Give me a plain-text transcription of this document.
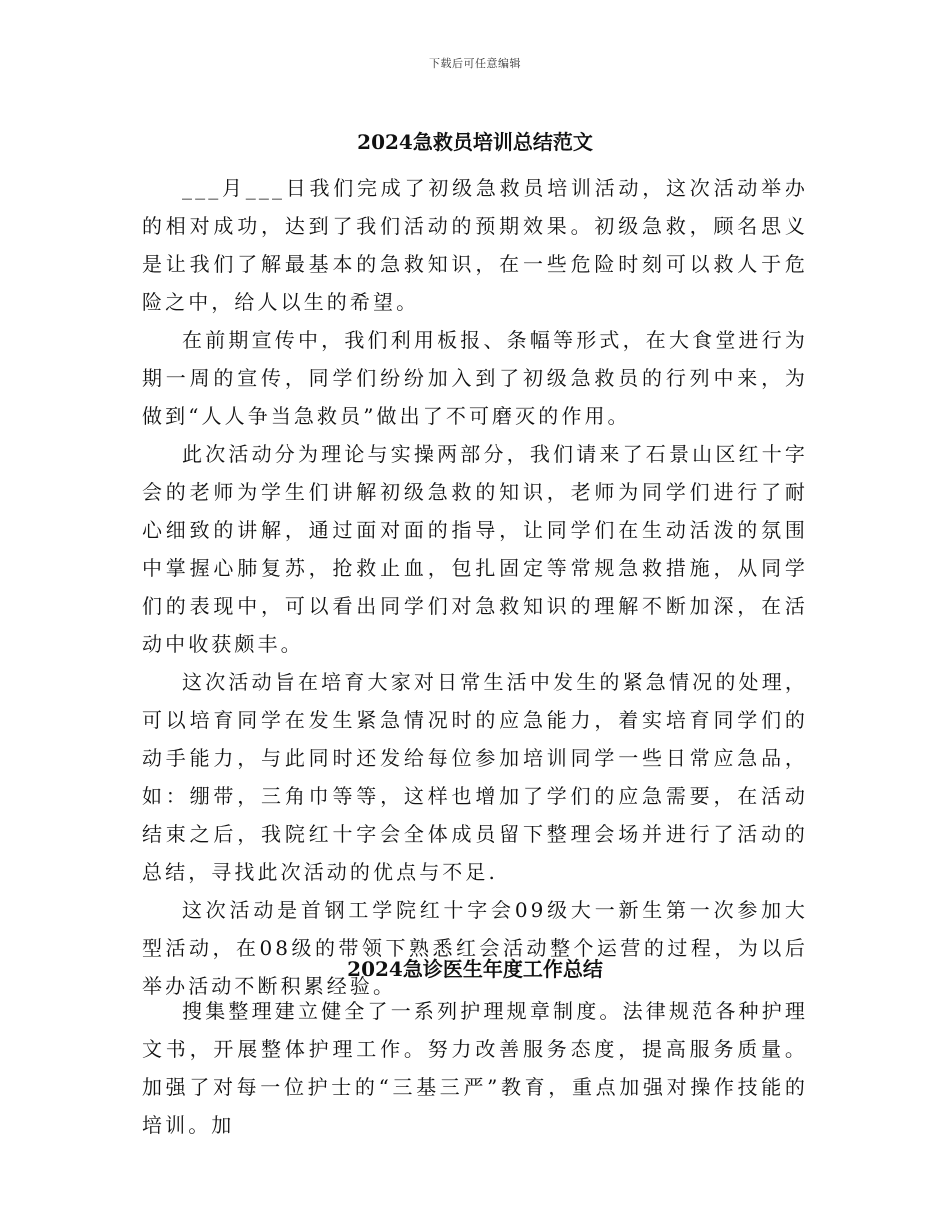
下载后可任意编辑
2024急救员培训总结范文

___月___日我们完成了初级急救员培训活动，这次活动举办的相对成功，达到了我们活动的预期效果。初级急救，顾名思义是让我们了解最基本的急救知识，在一些危险时刻可以救人于危险之中，给人以生的希望。

在前期宣传中，我们利用板报、条幅等形式，在大食堂进行为期一周的宣传，同学们纷纷加入到了初级急救员的行列中来，为做到“人人争当急救员”做出了不可磨灭的作用。

此次活动分为理论与实操两部分，我们请来了石景山区红十字会的老师为学生们讲解初级急救的知识，老师为同学们进行了耐心细致的讲解，通过面对面的指导，让同学们在生动活泼的氛围中掌握心肺复苏，抢救止血，包扎固定等常规急救措施，从同学们的表现中，可以看出同学们对急救知识的理解不断加深，在活动中收获颇丰。

这次活动旨在培育大家对日常生活中发生的紧急情况的处理，可以培育同学在发生紧急情况时的应急能力，着实培育同学们的动手能力，与此同时还发给每位参加培训同学一些日常应急品，如：绷带，三角巾等等，这样也增加了学们的应急需要，在活动结束之后，我院红十字会全体成员留下整理会场并进行了活动的总结，寻找此次活动的优点与不足.

这次活动是首钢工学院红十字会09级大一新生第一次参加大型活动，在08级的带领下熟悉红会活动整个运营的过程，为以后举办活动不断积累经验。

2024急诊医生年度工作总结

搜集整理建立健全了一系列护理规章制度。法律规范各种护理文书，开展整体护理工作。努力改善服务态度，提高服务质量。加强了对每一位护士的“三基三严”教育，重点加强对操作技能的培训。加
